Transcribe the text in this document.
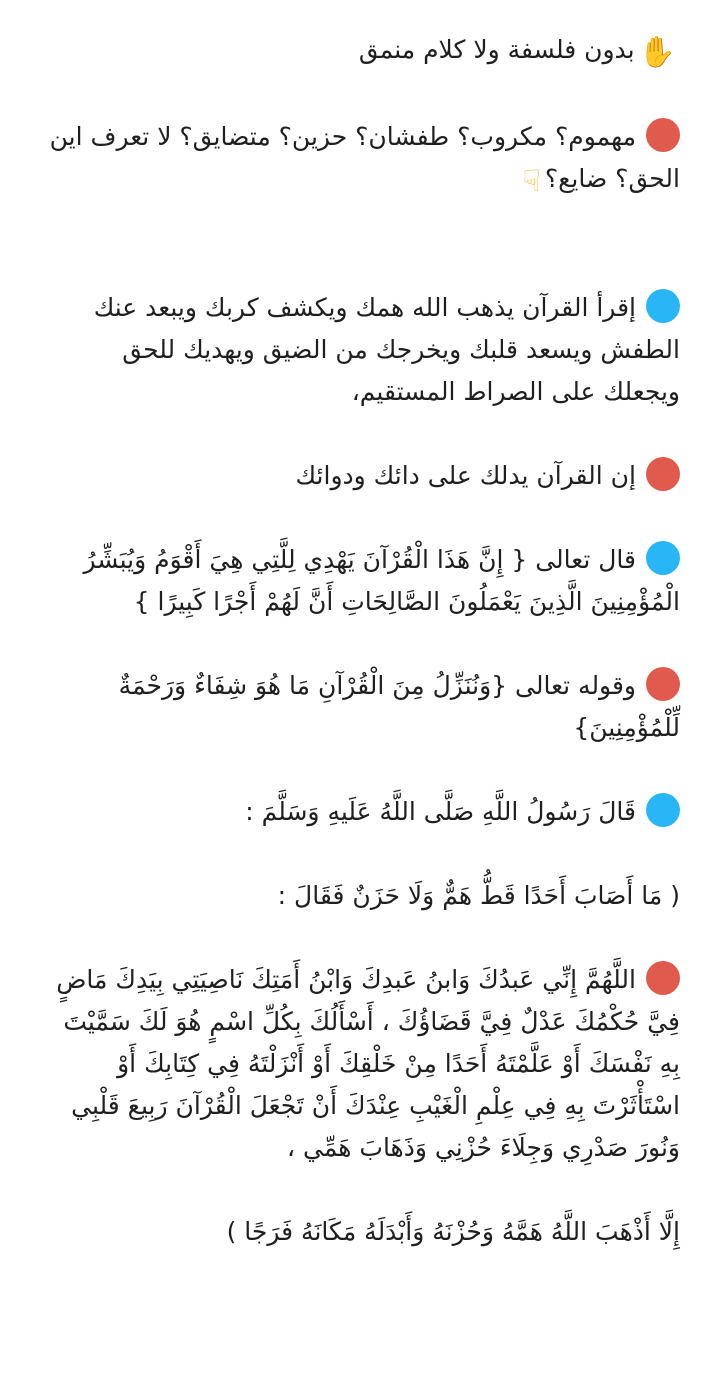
✋بدون فلسفة ولا كلام منمق

مهموم؟ مكروب؟ طفشان؟ حزين؟ متضايق؟ لا تعرف اين الحق؟ ضايع؟☟

إقرأ القرآن يذهب الله همك ويكشف كربك ويبعد عنك الطفش ويسعد قلبك ويخرجك من الضيق ويهديك للحق ويجعلك على الصراط المستقيم،

إن القرآن يدلك على دائك ودوائك

قال تعالى { إِنَّ هَذَا الْقُرْآنَ يَهْدِي لِلَّتِي هِيَ أَقْوَمُ وَيُبَشِّرُ الْمُؤْمِنِينَ الَّذِينَ يَعْمَلُونَ الصَّالِحَاتِ أَنَّ لَهُمْ أَجْرًا كَبِيرًا }

وقوله تعالى {وَنُنَزِّلُ مِنَ الْقُرْآنِ مَا هُوَ شِفَاءٌ وَرَحْمَةٌ لِّلْمُؤْمِنِينَ}

قَالَ رَسُولُ اللَّهِ صَلَّى اللَّهُ عَلَيهِ وَسَلَّمَ :

( مَا أَصَابَ أَحَدًا قَطُّ هَمٌّ وَلَا حَزَنٌ فَقَالَ :

اللَّهُمَّ إِنِّي عَبدُكَ وَابنُ عَبدِكَ وَابْنُ أَمَتِكَ نَاصِيَتِي بِيَدِكَ مَاضٍ فِيَّ حُكْمُكَ عَدْلٌ فِيَّ قَضَاؤُكَ ، أَسْأَلُكَ بِكُلِّ اسْمٍ هُوَ لَكَ سَمَّيْتَ بِهِ نَفْسَكَ أَوْ عَلَّمْتَهُ أَحَدًا مِنْ خَلْقِكَ أَوْ أَنْزَلْتَهُ فِي كِتَابِكَ أَوْ اسْتَأْثَرْتَ بِهِ فِي عِلْمِ الْغَيْبِ عِنْدَكَ أَنْ تَجْعَلَ الْقُرْآنَ رَبِيعَ قَلْبِي وَنُورَ صَدْرِي وَجِلَاءَ حُزْنِي وَذَهَابَ هَمِّي ،

إِلَّا أَذْهَبَ اللَّهُ هَمَّهُ وَحُزْنَهُ وَأَبْدَلَهُ مَكَانَهُ فَرَجًا )
